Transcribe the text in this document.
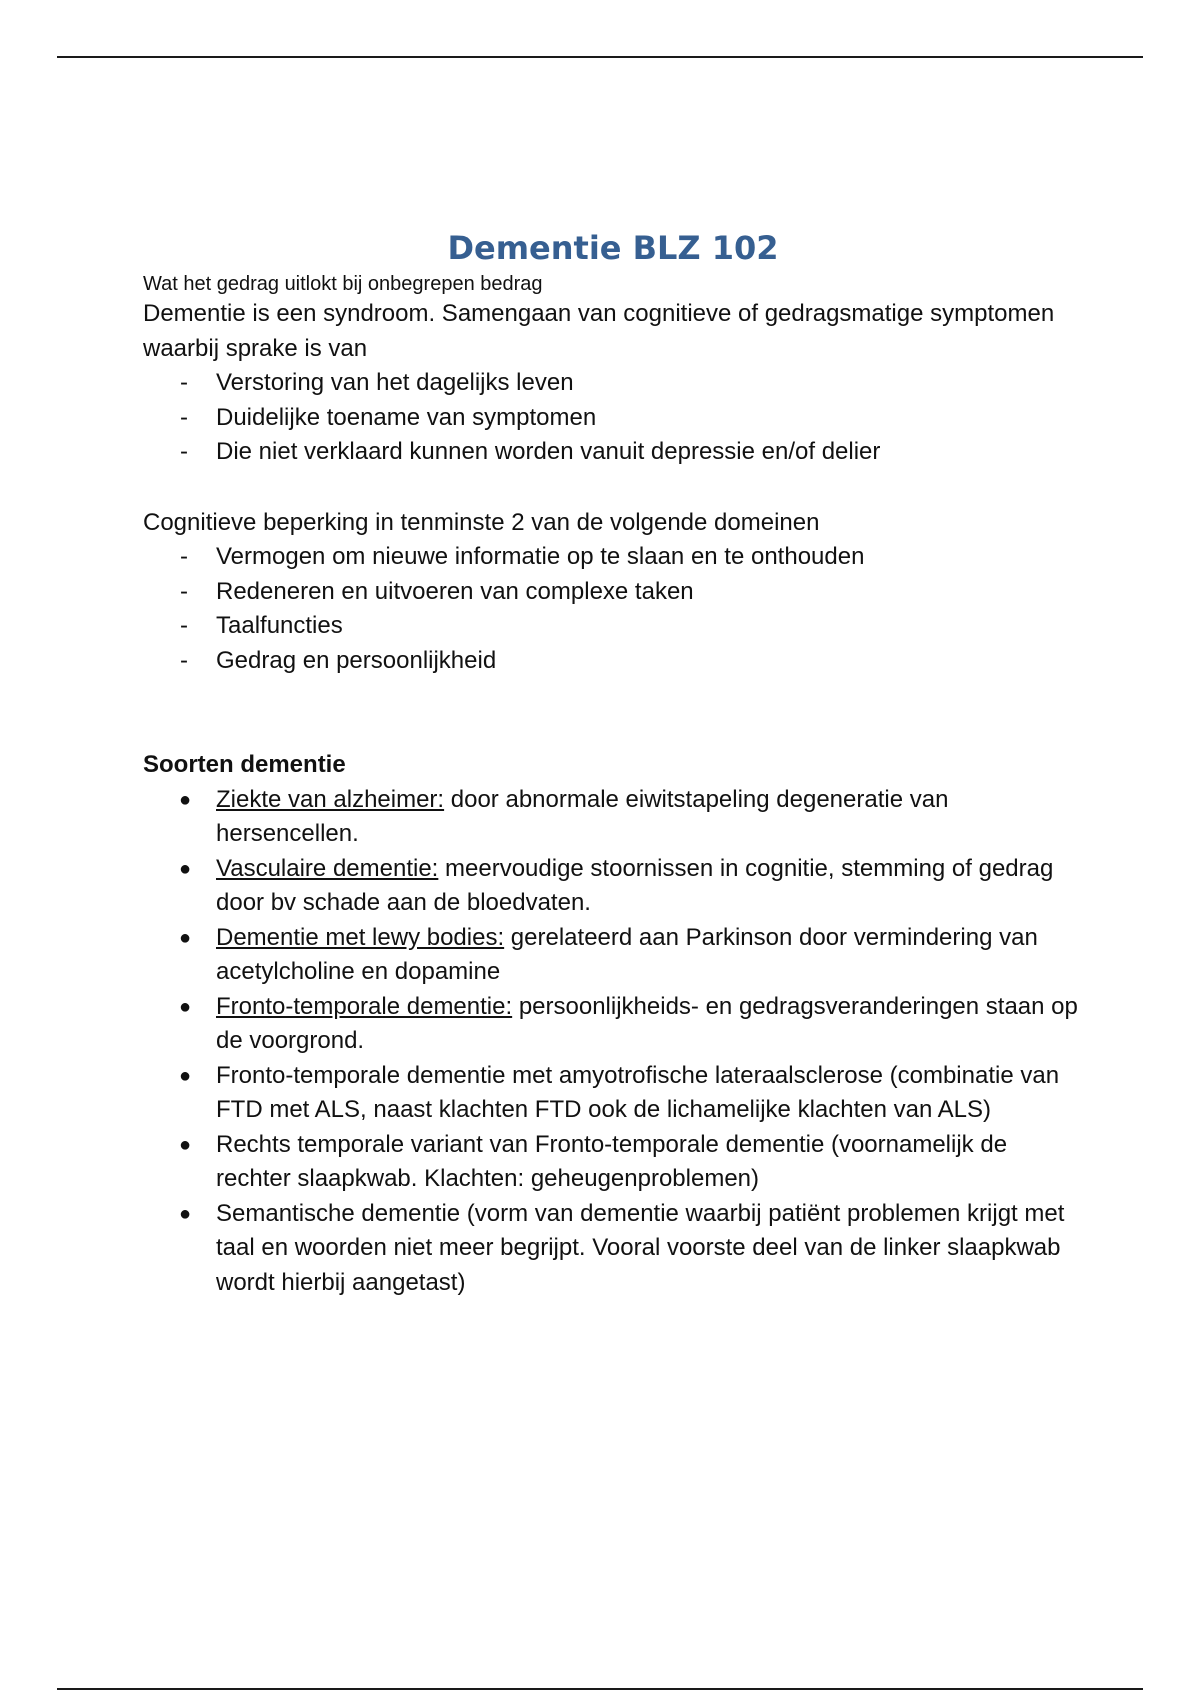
Dementie BLZ 102

Wat het gedrag uitlokt bij onbegrepen bedrag

Dementie is een syndroom. Samengaan van cognitieve of gedragsmatige symptomen waarbij sprake is van

- Verstoring van het dagelijks leven
- Duidelijke toename van symptomen
- Die niet verklaard kunnen worden vanuit depressie en/of delier

Cognitieve beperking in tenminste 2 van de volgende domeinen

- Vermogen om nieuwe informatie op te slaan en te onthouden
- Redeneren en uitvoeren van complexe taken
- Taalfuncties
- Gedrag en persoonlijkheid

Soorten dementie

● Ziekte van alzheimer: door abnormale eiwitstapeling degeneratie van hersencellen.
● Vasculaire dementie: meervoudige stoornissen in cognitie, stemming of gedrag door bv schade aan de bloedvaten.
● Dementie met lewy bodies: gerelateerd aan Parkinson door vermindering van acetylcholine en dopamine
● Fronto-temporale dementie: persoonlijkheids- en gedragsveranderingen staan op de voorgrond.
● Fronto-temporale dementie met amyotrofische lateraalsclerose (combinatie van FTD met ALS, naast klachten FTD ook de lichamelijke klachten van ALS)
● Rechts temporale variant van Fronto-temporale dementie (voornamelijk de rechter slaapkwab. Klachten: geheugenproblemen)
● Semantische dementie (vorm van dementie waarbij patiënt problemen krijgt met taal en woorden niet meer begrijpt. Vooral voorste deel van de linker slaapkwab wordt hierbij aangetast)
